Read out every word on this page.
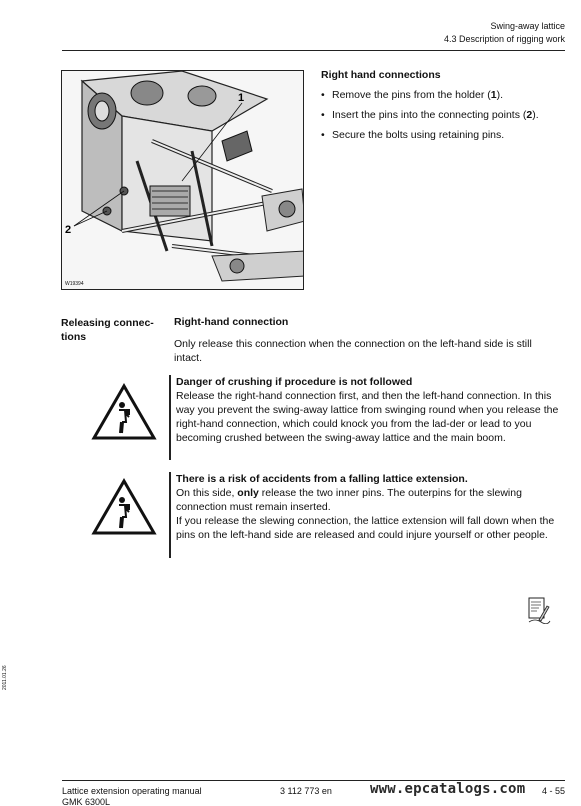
Swing-away lattice
4.3 Description of rigging work
1
2
W19394
Right hand connections
• Remove the pins from the holder (1).
• Insert the pins into the connecting points (2).
• Secure the bolts using retaining pins.
Releasing connec-tions
Right-hand connection
Only release this connection when the connection on the left-hand side is still intact.
Danger of crushing if procedure is not followed

Release the right-hand connection first, and then the left-hand connection. In this way you prevent the swing-away lattice from swinging round when you release the right-hand connection, which could knock you from the lad-der or lead to you becoming crushed between the swing-away lattice and the main boom.

There is a risk of accidents from a falling lattice extension.

On this side, only release the two inner pins. The outerpins for the slewing connection must remain inserted.

If you release the slewing connection, the lattice extension will fall down when the pins on the left-hand side are released and could injure yourself or other people.

2011.01.26
Lattice extension operating manual
GMK 6300L
3 112 773 en	www.epcatalogs.com 4 - 55
